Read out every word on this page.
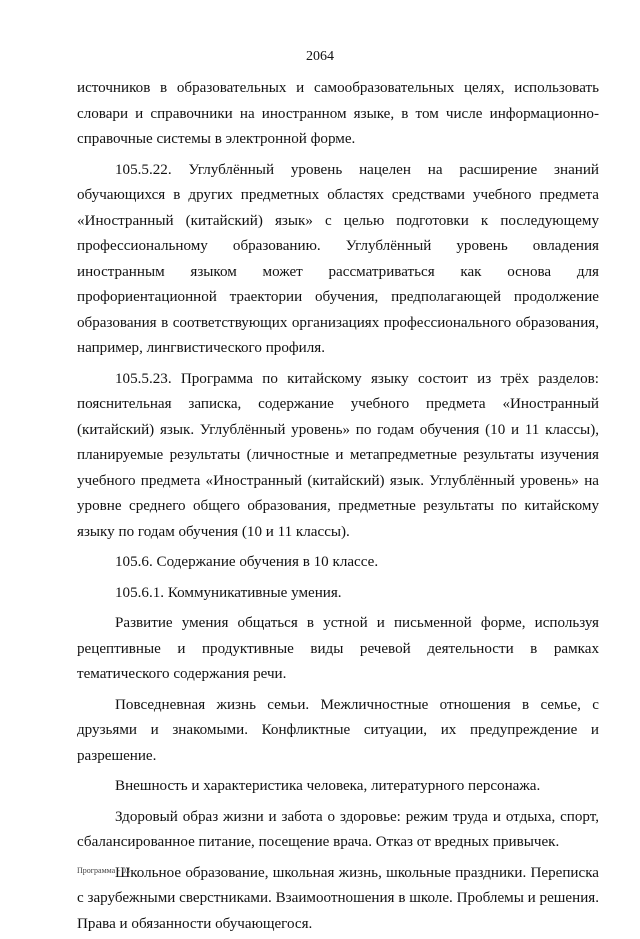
2064

источников в образовательных и самообразовательных целях, использовать словари и справочники на иностранном языке, в том числе информационно-справочные системы в электронной форме.

105.5.22. Углублённый уровень нацелен на расширение знаний обучающихся в других предметных областях средствами учебного предмета «Иностранный (китайский) язык» с целью подготовки к последующему профессиональному образованию. Углублённый уровень овладения иностранным языком может рассматриваться как основа для профориентационной траектории обучения, предполагающей продолжение образования в соответствующих организациях профессионального образования, например, лингвистического профиля.

105.5.23. Программа по китайскому языку состоит из трёх разделов: пояснительная записка, содержание учебного предмета «Иностранный (китайский) язык. Углублённый уровень» по годам обучения (10 и 11 классы), планируемые результаты (личностные и метапредметные результаты изучения учебного предмета «Иностранный (китайский) язык. Углублённый уровень» на уровне среднего общего образования, предметные результаты по китайскому языку по годам обучения (10 и 11 классы).

105.6. Содержание обучения в 10 классе.

105.6.1. Коммуникативные умения.

Развитие умения общаться в устной и письменной форме, используя рецептивные и продуктивные виды речевой деятельности в рамках тематического содержания речи.

Повседневная жизнь семьи. Межличностные отношения в семье, с друзьями и знакомыми. Конфликтные ситуации, их предупреждение и разрешение.

Внешность и характеристика человека, литературного персонажа.

Здоровый образ жизни и забота о здоровье: режим труда и отдыха, спорт, сбалансированное питание, посещение врача. Отказ от вредных привычек.

Школьное образование, школьная жизнь, школьные праздники. Переписка с зарубежными сверстниками. Взаимоотношения в школе. Проблемы и решения. Права и обязанности обучающегося.

Программа - 03
